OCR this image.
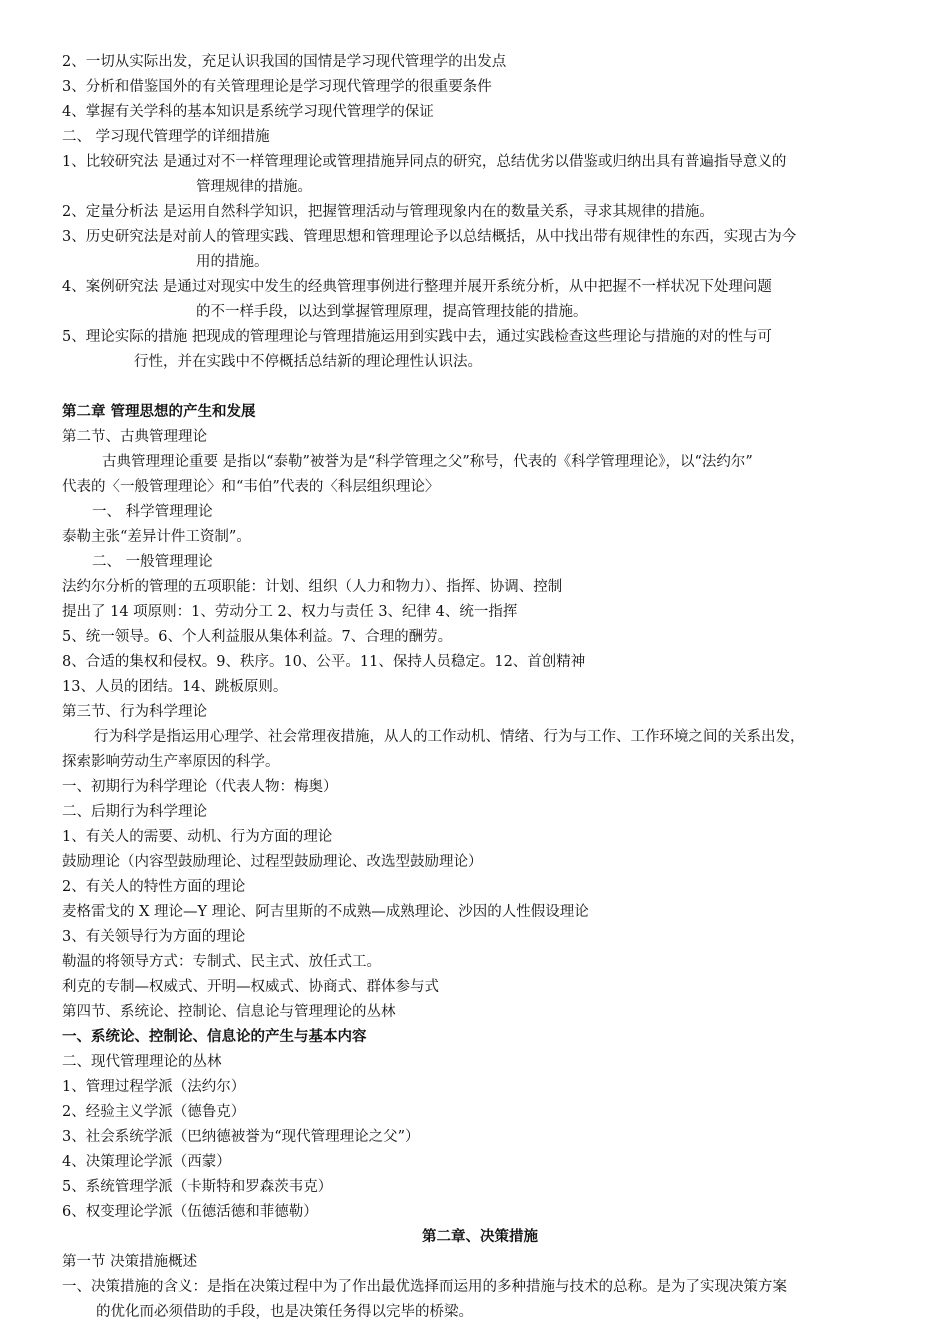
2、一切从实际出发，充足认识我国的国情是学习现代管理学的出发点
3、分析和借鉴国外的有关管理理论是学习现代管理学的很重要条件
4、掌握有关学科的基本知识是系统学习现代管理学的保证
二、 学习现代管理学的详细措施
1、比较研究法 是通过对不一样管理理论或管理措施异同点的研究，总结优劣以借鉴或归纳出具有普遍指导意义的
管理规律的措施。
2、定量分析法 是运用自然科学知识，把握管理活动与管理现象内在的数量关系，寻求其规律的措施。
3、历史研究法是对前人的管理实践、管理思想和管理理论予以总结概括，从中找出带有规律性的东西，实现古为今
用的措施。
4、案例研究法 是通过对现实中发生的经典管理事例进行整理并展开系统分析，从中把握不一样状况下处理问题
的不一样手段，以达到掌握管理原理，提高管理技能的措施。
5、理论实际的措施 把现成的管理理论与管理措施运用到实践中去，通过实践检查这些理论与措施的对的性与可
行性，并在实践中不停概括总结新的理论理性认识法。
第二章 管理思想的产生和发展
第二节、古典管理理论
古典管理理论重要 是指以“泰勒”被誉为是“科学管理之父”称号，代表的《科学管理理论》，以“法约尔”
代表的〈一般管理理论〉和“韦伯”代表的〈科层组织理论〉
一、 科学管理理论
泰勒主张“差异计件工资制”。
二、 一般管理理论
法约尔分析的管理的五项职能：计划、组织（人力和物力）、指挥、协调、控制
提出了 14 项原则：1、劳动分工 2、权力与责任 3、纪律 4、统一指挥
5、统一领导。6、个人利益服从集体利益。7、合理的酬劳。
8、合适的集权和侵权。9、秩序。10、公平。11、保持人员稳定。12、首创精神
13、人员的团结。14、跳板原则。
第三节、行为科学理论
行为科学是指运用心理学、社会常理夜措施，从人的工作动机、情绪、行为与工作、工作环境之间的关系出发，
探索影响劳动生产率原因的科学。
一、初期行为科学理论（代表人物：梅奥）
二、后期行为科学理论
1、有关人的需要、动机、行为方面的理论
鼓励理论（内容型鼓励理论、过程型鼓励理论、改选型鼓励理论）
2、有关人的特性方面的理论
麦格雷戈的 X 理论—Y 理论、阿吉里斯的不成熟—成熟理论、沙因的人性假设理论
3、有关领导行为方面的理论
勒温的将领导方式：专制式、民主式、放任式工。
利克的专制—权威式、开明—权威式、协商式、群体参与式
第四节、系统论、控制论、信息论与管理理论的丛林
一、系统论、控制论、信息论的产生与基本内容
二、现代管理理论的丛林
1、管理过程学派（法约尔）
2、经验主义学派（德鲁克）
3、社会系统学派（巴纳德被誉为“现代管理理论之父”）
4、决策理论学派（西蒙）
5、系统管理学派（卡斯特和罗森茨韦克）
6、权变理论学派（伍德活德和菲德勒）
第二章、决策措施
第一节 决策措施概述
一、决策措施的含义：是指在决策过程中为了作出最优选择而运用的多种措施与技术的总称。是为了实现决策方案
的优化而必须借助的手段，也是决策任务得以完毕的桥梁。
